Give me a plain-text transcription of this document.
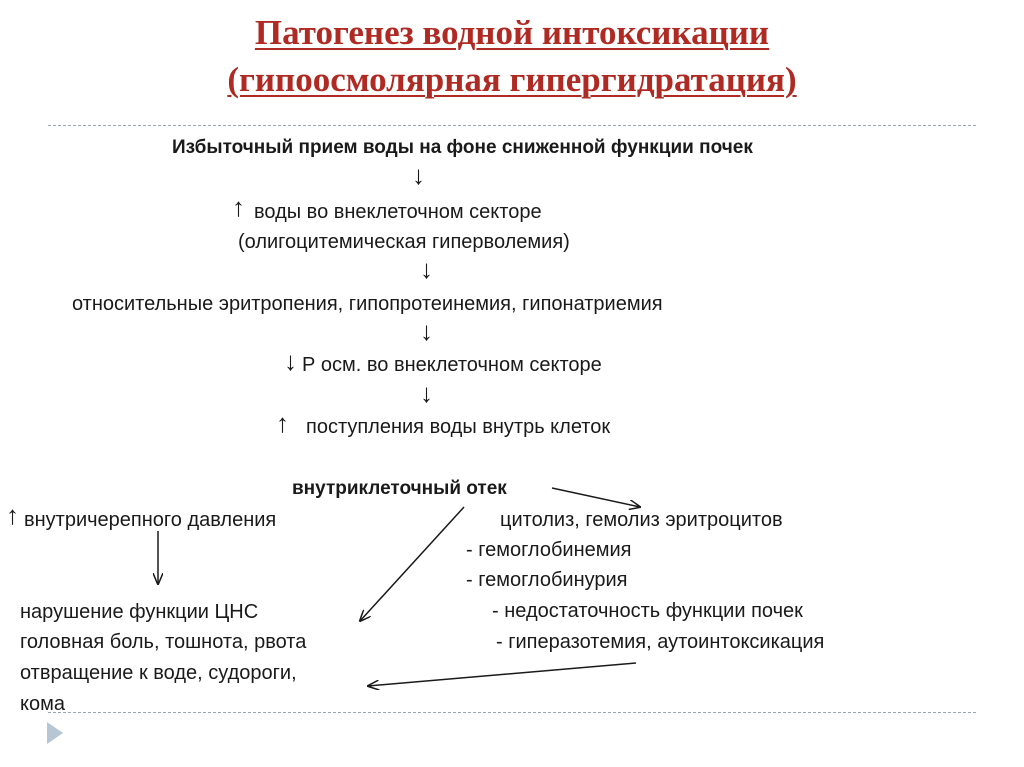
Патогенез водной интоксикации
(гипоосмолярная гипергидратация)
Избыточный прием воды на фоне сниженной функции почек
↓
↑ воды во внеклеточном секторе
(олигоцитемическая гиперволемия)
↓
относительные эритропения, гипопротеинемия, гипонатриемия
↓
↓ Р осм. во внеклеточном секторе
↓
↑ поступления воды внутрь клеток
внутриклеточный отек
↑ внутричерепного давления
нарушение функции ЦНС
головная боль, тошнота, рвота
отвращение к воде, судороги,
кома
цитолиз, гемолиз эритроцитов
- гемоглобинемия
- гемоглобинурия
- недостаточность функции почек
- гиперазотемия, аутоинтоксикация
